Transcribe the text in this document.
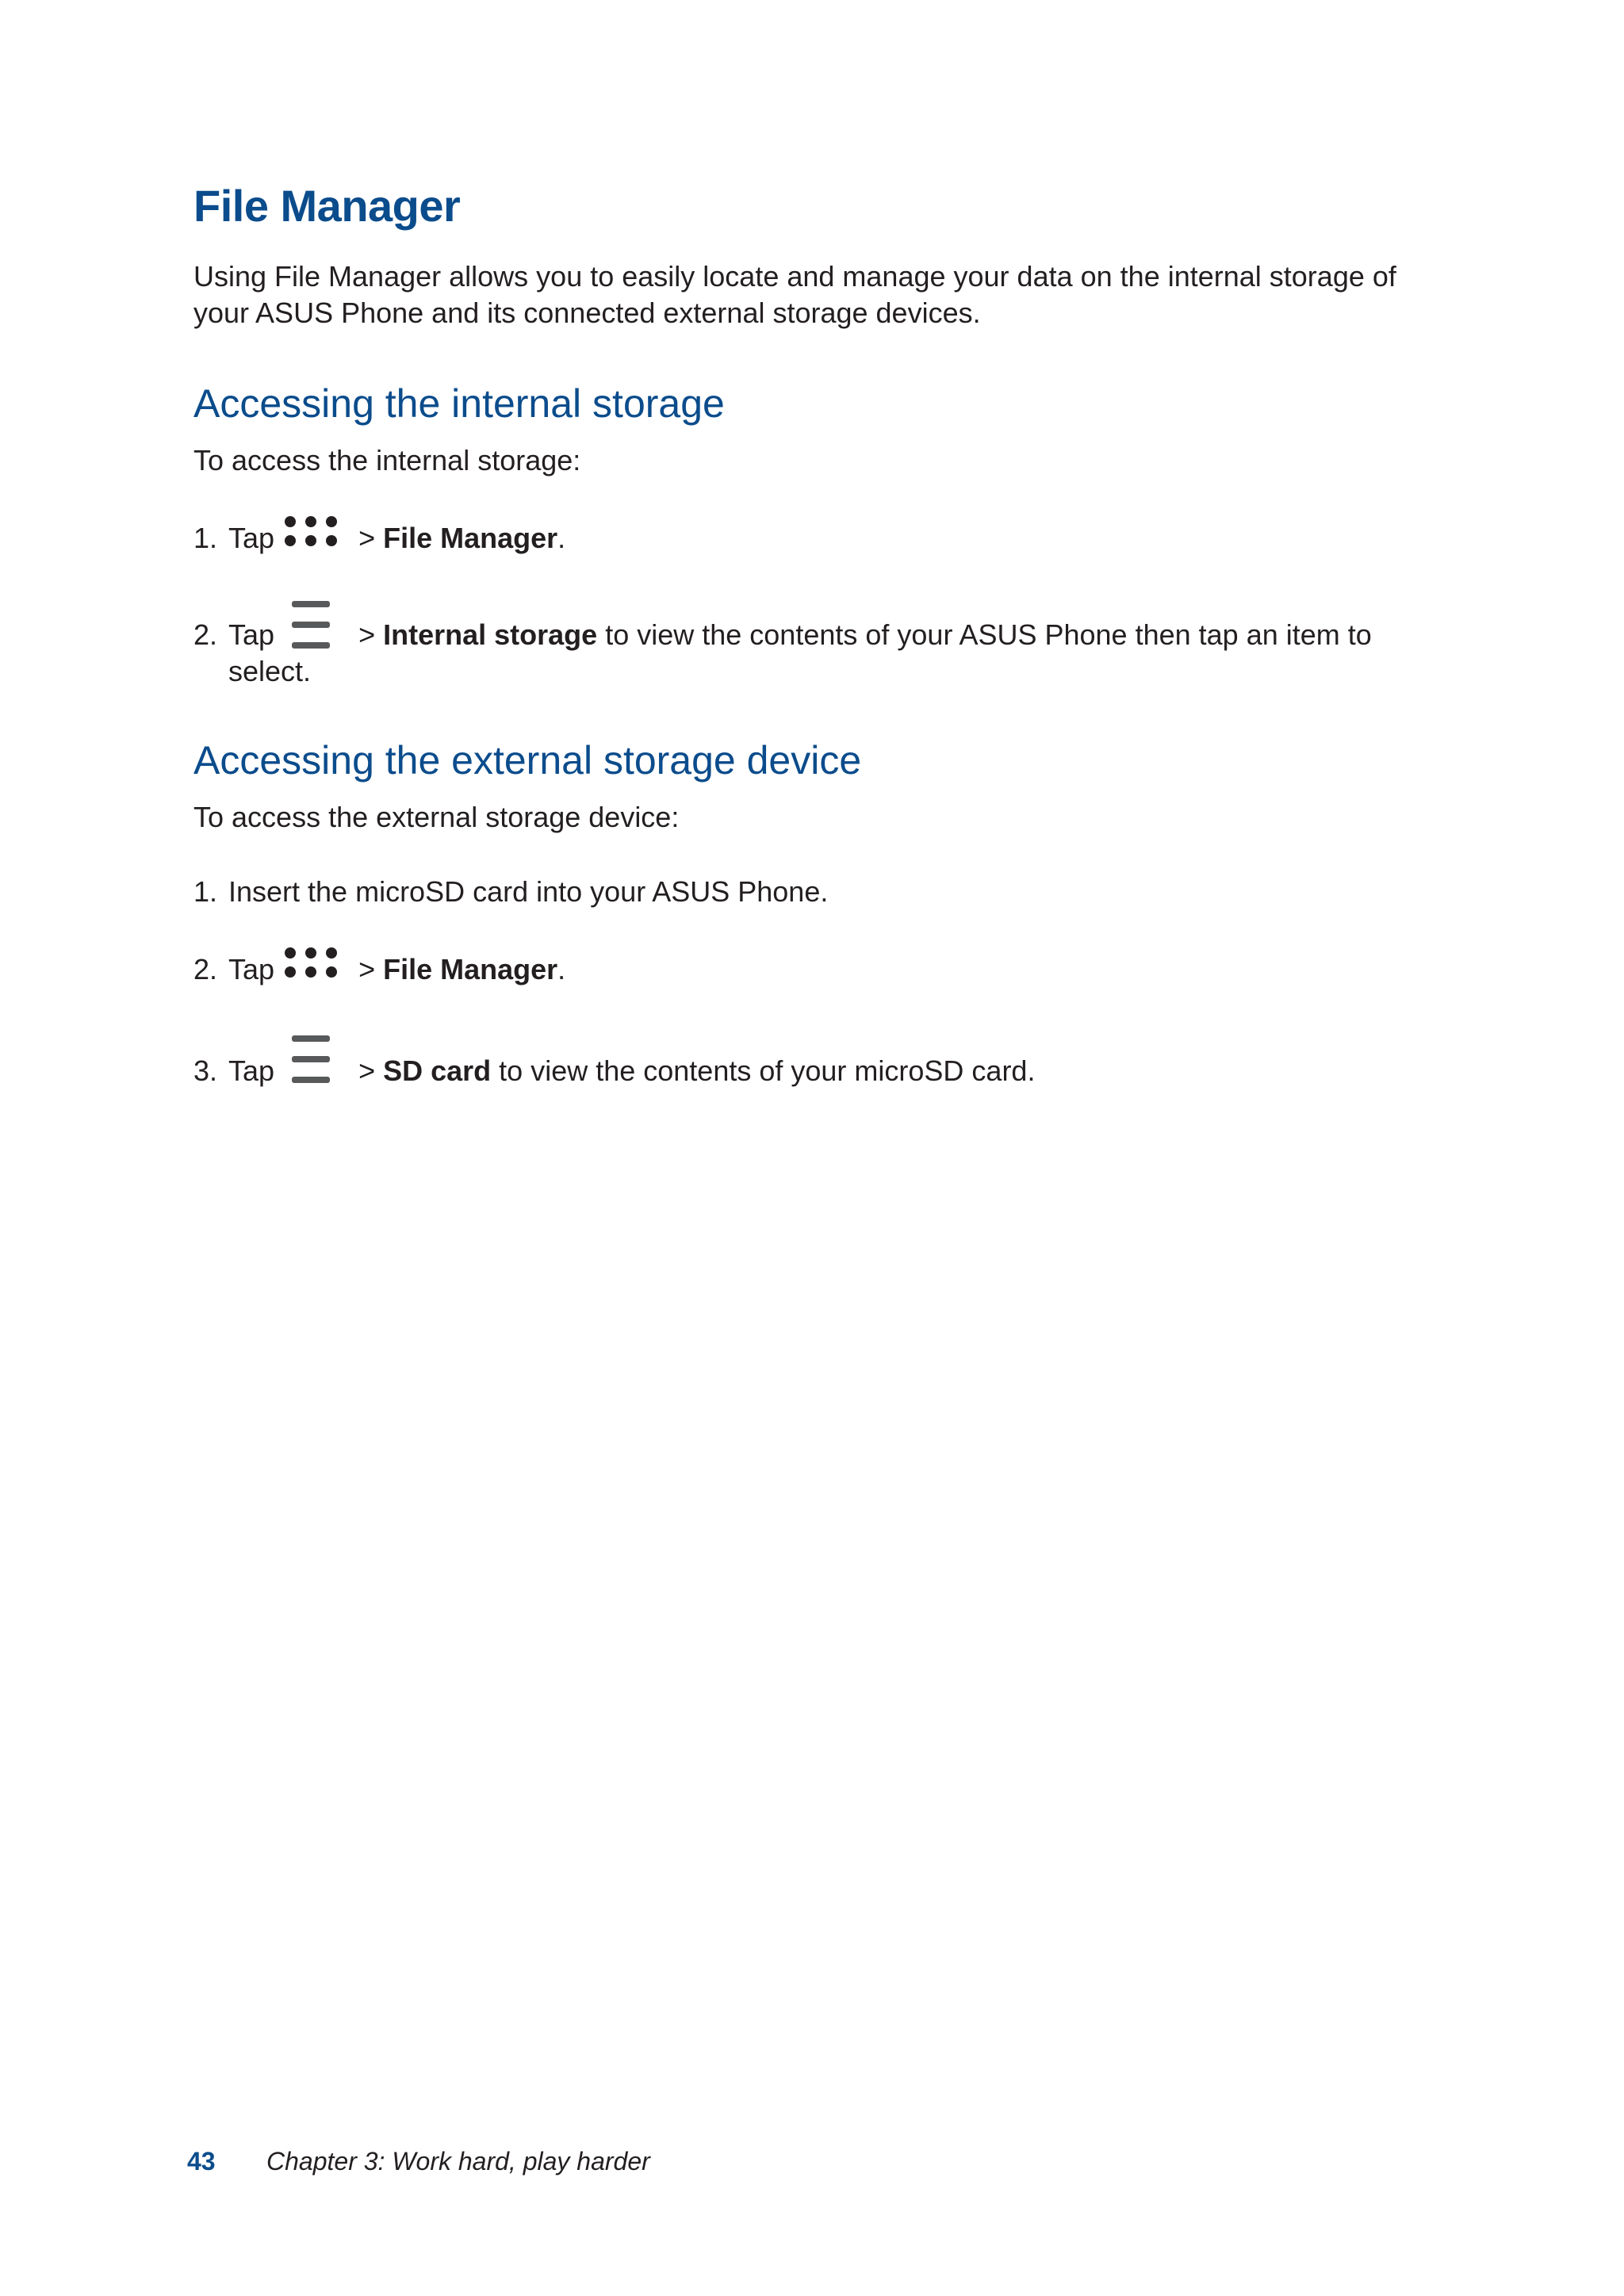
File Manager
Using File Manager allows you to easily locate and manage your data on the internal storage of your ASUS Phone and its connected external storage devices.
Accessing the internal storage
To access the internal storage:
1. Tap	> File Manager.
2. Tap	> Internal storage to view the contents of your ASUS Phone then tap an item to
select.
Accessing the external storage device
To access the external storage device:
1. Insert the microSD card into your ASUS Phone.
2. Tap	> File Manager.
3. Tap	> SD card to view the contents of your microSD card.
43 Chapter 3: Work hard, play harder
